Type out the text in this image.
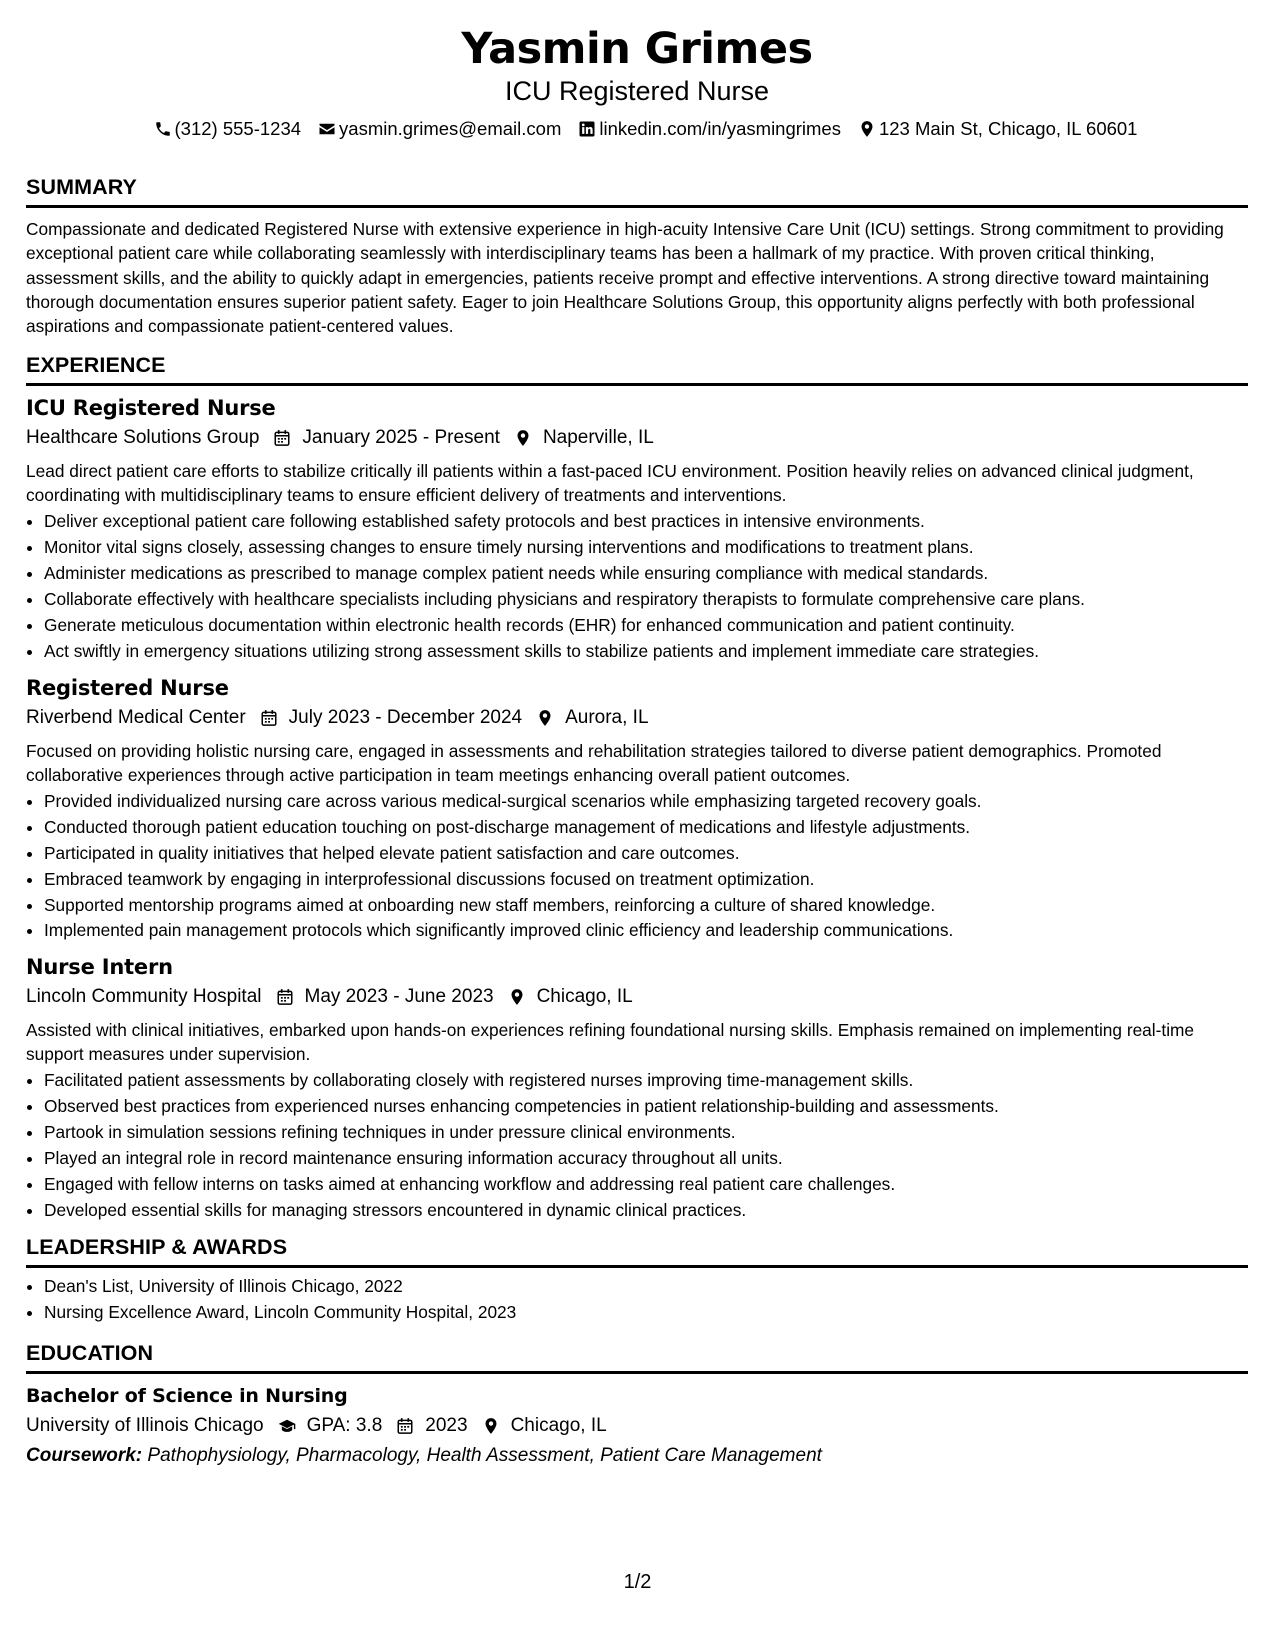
Yasmin Grimes
ICU Registered Nurse
(312) 555-1234 yasmin.grimes@email.com linkedin.com/in/yasmingrimes 123 Main St, Chicago, IL 60601
SUMMARY
Compassionate and dedicated Registered Nurse with extensive experience in high-acuity Intensive Care Unit (ICU) settings. Strong commitment to providing exceptional patient care while collaborating seamlessly with interdisciplinary teams has been a hallmark of my practice. With proven critical thinking, assessment skills, and the ability to quickly adapt in emergencies, patients receive prompt and effective interventions. A strong directive toward maintaining thorough documentation ensures superior patient safety. Eager to join Healthcare Solutions Group, this opportunity aligns perfectly with both professional aspirations and compassionate patient-centered values.
EXPERIENCE
ICU Registered Nurse
Healthcare Solutions Group January 2025 - Present Naperville, IL
Lead direct patient care efforts to stabilize critically ill patients within a fast-paced ICU environment. Position heavily relies on advanced clinical judgment, coordinating with multidisciplinary teams to ensure efficient delivery of treatments and interventions.
• Deliver exceptional patient care following established safety protocols and best practices in intensive environments.
• Monitor vital signs closely, assessing changes to ensure timely nursing interventions and modifications to treatment plans.
• Administer medications as prescribed to manage complex patient needs while ensuring compliance with medical standards.
• Collaborate effectively with healthcare specialists including physicians and respiratory therapists to formulate comprehensive care plans.
• Generate meticulous documentation within electronic health records (EHR) for enhanced communication and patient continuity.
• Act swiftly in emergency situations utilizing strong assessment skills to stabilize patients and implement immediate care strategies.
Registered Nurse
Riverbend Medical Center July 2023 - December 2024 Aurora, IL
Focused on providing holistic nursing care, engaged in assessments and rehabilitation strategies tailored to diverse patient demographics. Promoted collaborative experiences through active participation in team meetings enhancing overall patient outcomes.
• Provided individualized nursing care across various medical-surgical scenarios while emphasizing targeted recovery goals.
• Conducted thorough patient education touching on post-discharge management of medications and lifestyle adjustments.
• Participated in quality initiatives that helped elevate patient satisfaction and care outcomes.
• Embraced teamwork by engaging in interprofessional discussions focused on treatment optimization.
• Supported mentorship programs aimed at onboarding new staff members, reinforcing a culture of shared knowledge.
• Implemented pain management protocols which significantly improved clinic efficiency and leadership communications.
Nurse Intern
Lincoln Community Hospital May 2023 - June 2023 Chicago, IL
Assisted with clinical initiatives, embarked upon hands-on experiences refining foundational nursing skills. Emphasis remained on implementing real-time support measures under supervision.
• Facilitated patient assessments by collaborating closely with registered nurses improving time-management skills.
• Observed best practices from experienced nurses enhancing competencies in patient relationship-building and assessments.
• Partook in simulation sessions refining techniques in under pressure clinical environments.
• Played an integral role in record maintenance ensuring information accuracy throughout all units.
• Engaged with fellow interns on tasks aimed at enhancing workflow and addressing real patient care challenges.
• Developed essential skills for managing stressors encountered in dynamic clinical practices.
LEADERSHIP & AWARDS
• Dean's List, University of Illinois Chicago, 2022
• Nursing Excellence Award, Lincoln Community Hospital, 2023
EDUCATION
Bachelor of Science in Nursing
University of Illinois Chicago GPA: 3.8 2023 Chicago, IL
Coursework: Pathophysiology, Pharmacology, Health Assessment, Patient Care Management
1/2
